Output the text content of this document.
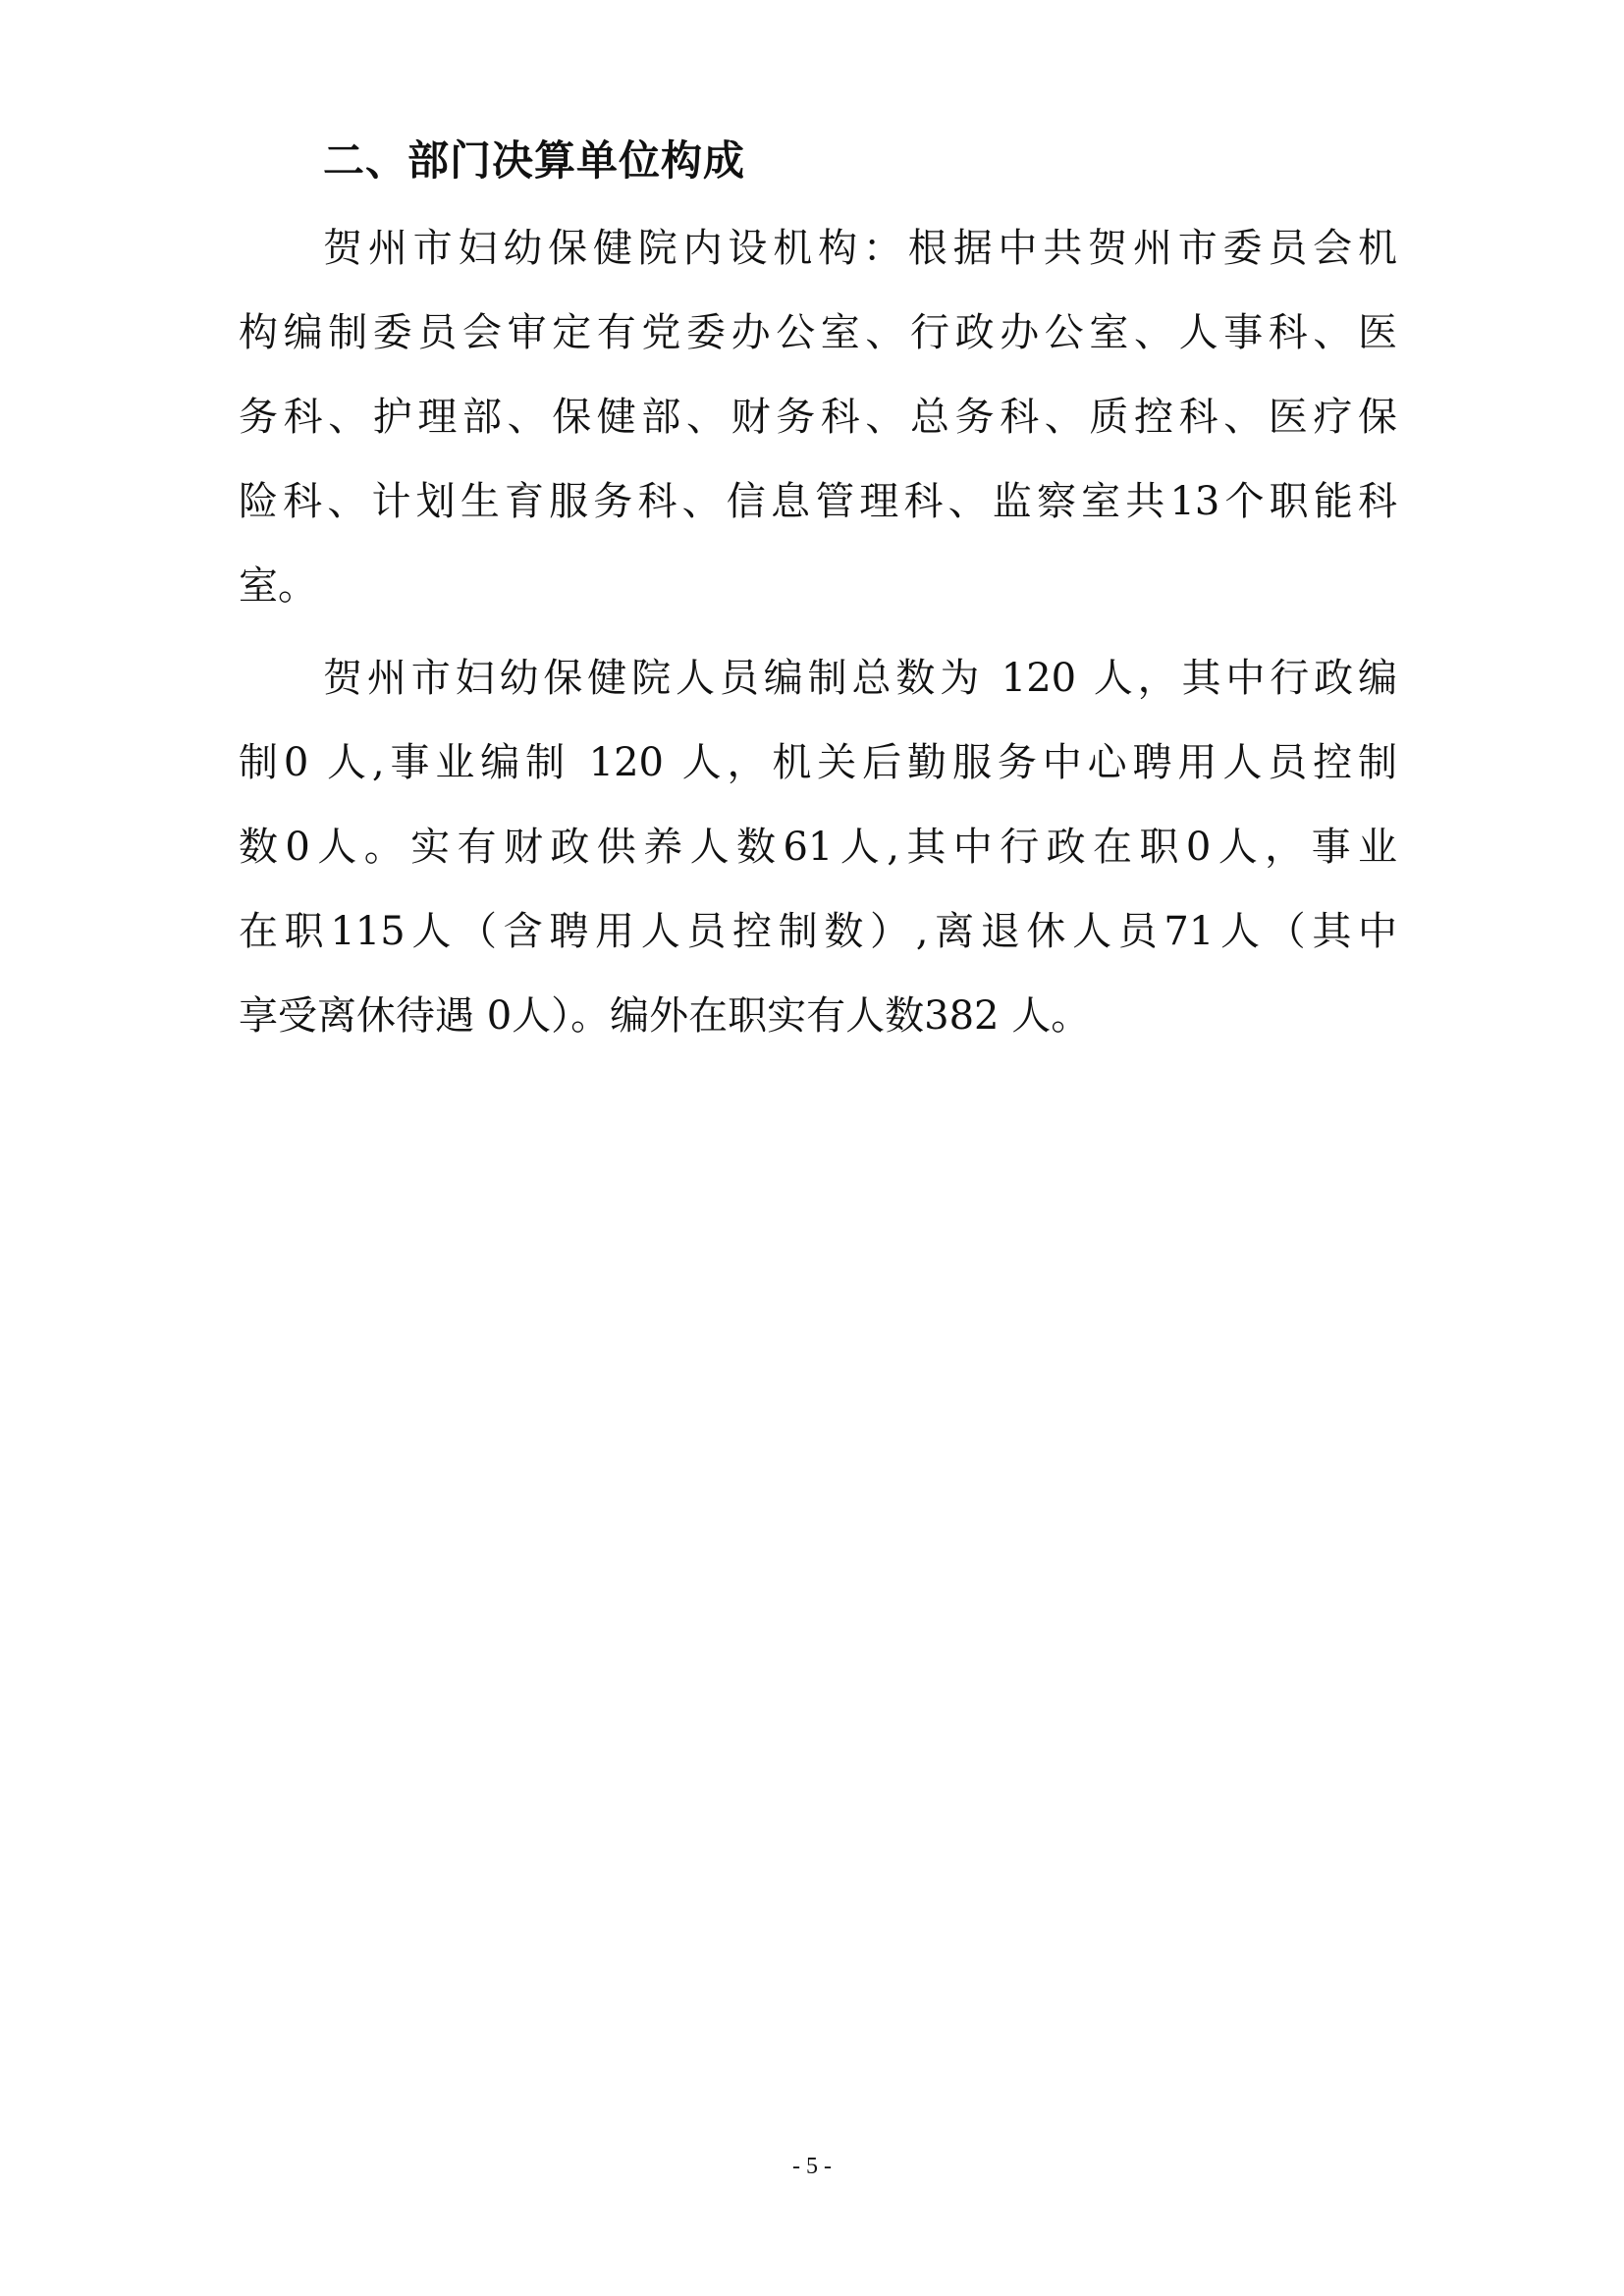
二、部门决算单位构成
贺州市妇幼保健院内设机构：根据中共贺州市委员会机
构编制委员会审定有党委办公室、行政办公室、人事科、医
务科、护理部、保健部、财务科、总务科、质控科、医疗保
险科、计划生育服务科、信息管理科、监察室共13个职能科
室。
贺州市妇幼保健院人员编制总数为 120 人，其中行政编
制0 人,事业编制 120 人，机关后勤服务中心聘用人员控制
数0人。实有财政供养人数61人,其中行政在职0人，事业
在职115人（含聘用人员控制数）,离退休人员71人（其中
享受离休待遇 0人）。编外在职实有人数382 人。
- 5 -
